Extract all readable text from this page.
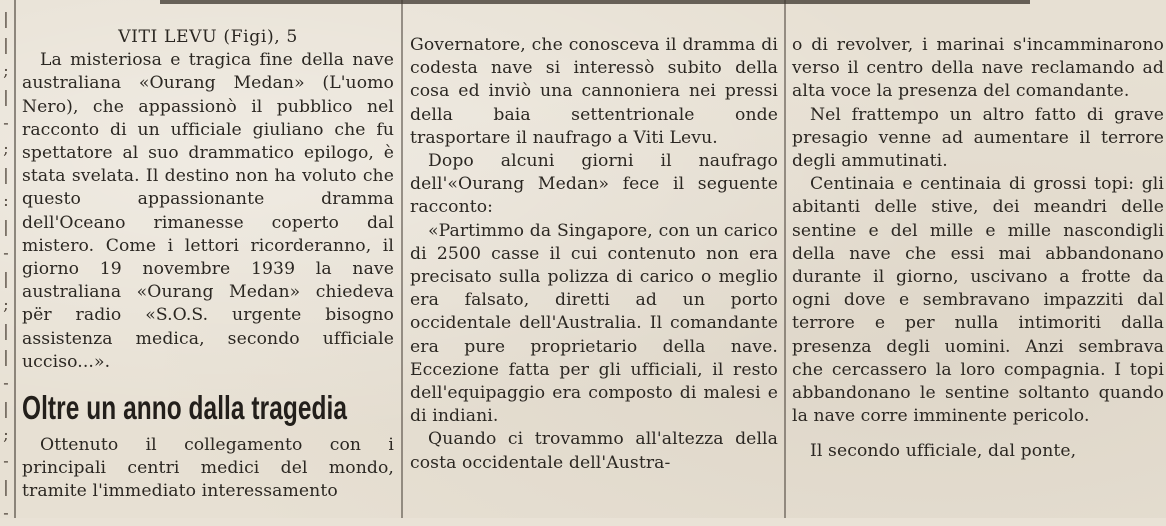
|
|
;
|
-
;
|
:
|
-
|
;
|
|
-
|
;
-
|
-

VITI LEVU (Figi), 5

La misteriosa e tragica fine della nave australiana «Ourang Medan» (L'uomo Nero), che appassionò il pubblico nel racconto di un ufficiale giuliano che fu spettatore al suo drammatico epilogo, è stata svelata. Il destino non ha voluto che questo appassionante dramma dell'Oceano rimanesse coperto dal mistero. Come i lettori ricorderanno, il giorno 19 novembre 1939 la nave australiana «Ourang Medan» chiedeva për radio «S.O.S. urgente bisogno assistenza medica, secondo ufficiale ucciso...».

Oltre un anno dalla tragedia

Ottenuto il collegamento con i principali centri medici del mondo, tramite l'immediato interessamento

Governatore, che conosceva il dramma di codesta nave si interessò subito della cosa ed inviò una cannoniera nei pressi della baia settentrionale onde trasportare il naufrago a Viti Levu.

Dopo alcuni giorni il naufrago dell'«Ourang Medan» fece il seguente racconto:

«Partimmo da Singapore, con un carico di 2500 casse il cui contenuto non era precisato sulla polizza di carico o meglio era falsato, diretti ad un porto occidentale dell'Australia. Il comandante era pure proprietario della nave. Eccezione fatta per gli ufficiali, il resto dell'equipaggio era composto di malesi e di indiani.

Quando ci trovammo all'altezza della costa occidentale dell'Austra-

o di revolver, i marinai s'incamminarono verso il centro della nave reclamando ad alta voce la presenza del comandante.

Nel frattempo un altro fatto di grave presagio venne ad aumentare il terrore degli ammutinati.

Centinaia e centinaia di grossi topi: gli abitanti delle stive, dei meandri delle sentine e del mille e mille nascondigli della nave che essi mai abbandonano durante il giorno, uscivano a frotte da ogni dove e sembravano impazziti dal terrore e per nulla intimoriti dalla presenza degli uomini. Anzi sembrava che cercassero la loro compagnia. I topi abbandonano le sentine soltanto quando la nave corre imminente pericolo.

Il secondo ufficiale, dal ponte,
